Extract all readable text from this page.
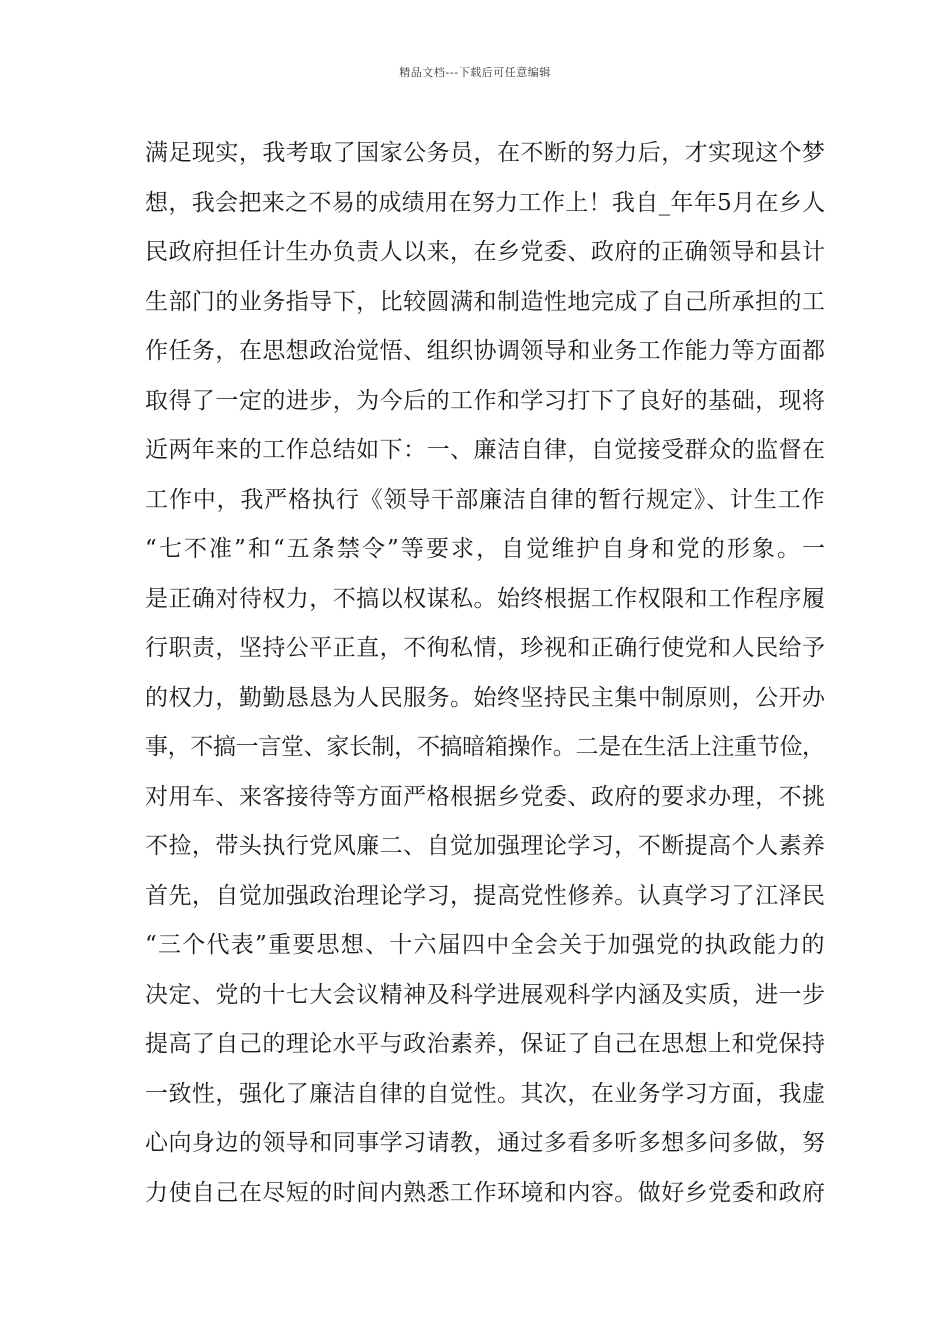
精品文档---下载后可任意编辑
满足现实，我考取了国家公务员，在不断的努力后，才实现这个梦
想，我会把来之不易的成绩用在努力工作上！我自_年年5月在乡人
民政府担任计生办负责人以来，在乡党委、政府的正确领导和县计
生部门的业务指导下，比较圆满和制造性地完成了自己所承担的工
作任务，在思想政治觉悟、组织协调领导和业务工作能力等方面都
取得了一定的进步，为今后的工作和学习打下了良好的基础，现将
近两年来的工作总结如下：一、廉洁自律，自觉接受群众的监督在
工作中，我严格执行《领导干部廉洁自律的暂行规定》、计生工作
“七不准”和“五条禁令”等要求，自觉维护自身和党的形象。一
是正确对待权力，不搞以权谋私。始终根据工作权限和工作程序履
行职责，坚持公平正直，不徇私情，珍视和正确行使党和人民给予
的权力，勤勤恳恳为人民服务。始终坚持民主集中制原则，公开办
事，不搞一言堂、家长制，不搞暗箱操作。二是在生活上注重节俭，
对用车、来客接待等方面严格根据乡党委、政府的要求办理，不挑
不捡，带头执行党风廉二、自觉加强理论学习，不断提高个人素养
首先，自觉加强政治理论学习，提高党性修养。认真学习了江泽民
“三个代表”重要思想、十六届四中全会关于加强党的执政能力的
决定、党的十七大会议精神及科学进展观科学内涵及实质，进一步
提高了自己的理论水平与政治素养，保证了自己在思想上和党保持
一致性，强化了廉洁自律的自觉性。其次，在业务学习方面，我虚
心向身边的领导和同事学习请教，通过多看多听多想多问多做，努
力使自己在尽短的时间内熟悉工作环境和内容。做好乡党委和政府
